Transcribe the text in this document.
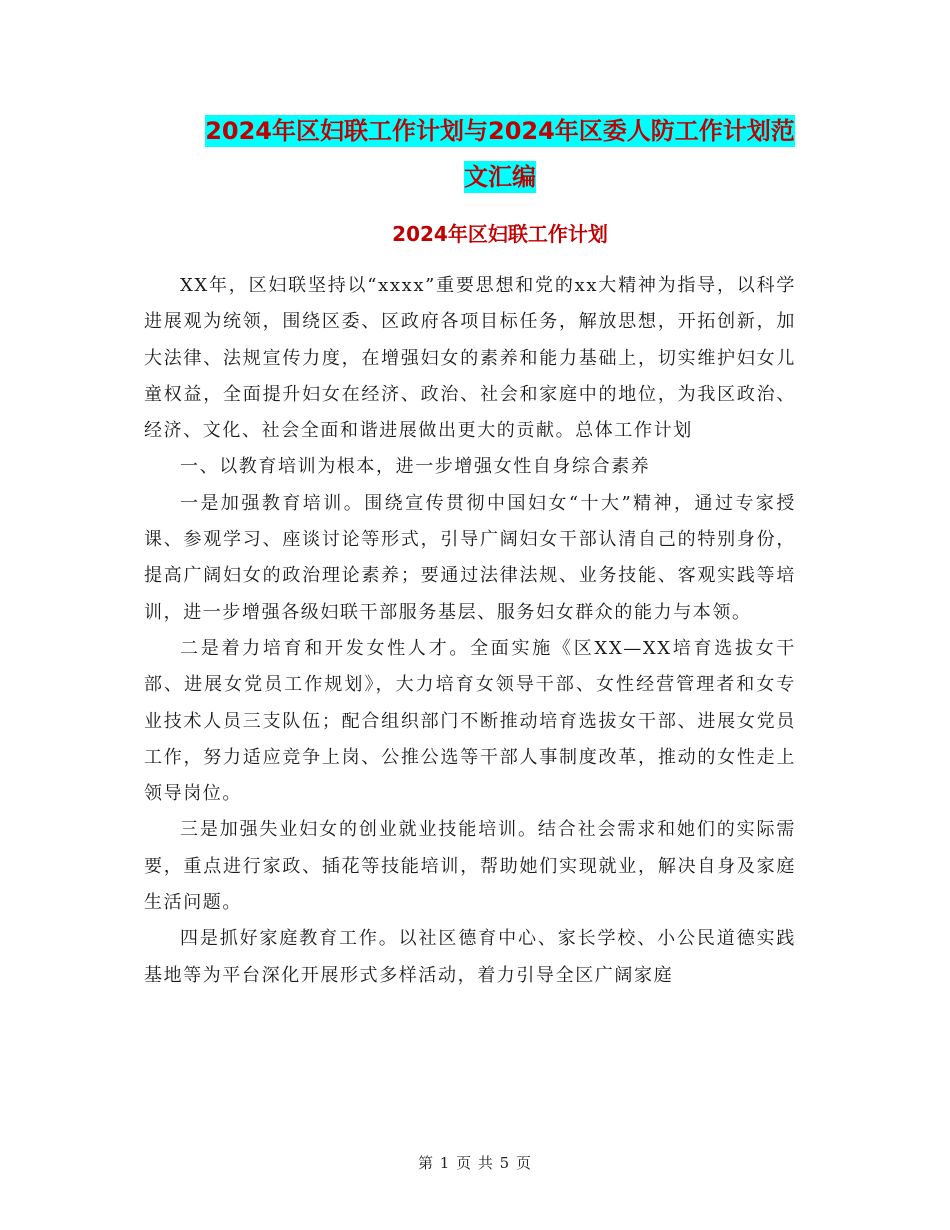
2024年区妇联工作计划与2024年区委人防工作计划范
文汇编
2024年区妇联工作计划

XX年，区妇联坚持以“xxxx”重要思想和党的xx大精神为指导，以科学进展观为统领，围绕区委、区政府各项目标任务，解放思想，开拓创新，加大法律、法规宣传力度，在增强妇女的素养和能力基础上，切实维护妇女儿童权益，全面提升妇女在经济、政治、社会和家庭中的地位，为我区政治、经济、文化、社会全面和谐进展做出更大的贡献。总体工作计划

一、以教育培训为根本，进一步增强女性自身综合素养

一是加强教育培训。围绕宣传贯彻中国妇女“十大”精神，通过专家授课、参观学习、座谈讨论等形式，引导广阔妇女干部认清自己的特别身份，提高广阔妇女的政治理论素养；要通过法律法规、业务技能、客观实践等培训，进一步增强各级妇联干部服务基层、服务妇女群众的能力与本领。

二是着力培育和开发女性人才。全面实施《区XX—XX培育选拔女干部、进展女党员工作规划》，大力培育女领导干部、女性经营管理者和女专业技术人员三支队伍；配合组织部门不断推动培育选拔女干部、进展女党员工作，努力适应竞争上岗、公推公选等干部人事制度改革，推动的女性走上领导岗位。

三是加强失业妇女的创业就业技能培训。结合社会需求和她们的实际需要，重点进行家政、插花等技能培训，帮助她们实现就业，解决自身及家庭生活问题。

四是抓好家庭教育工作。以社区德育中心、家长学校、小公民道德实践基地等为平台深化开展形式多样活动，着力引导全区广阔家庭

第 1 页 共 5 页
